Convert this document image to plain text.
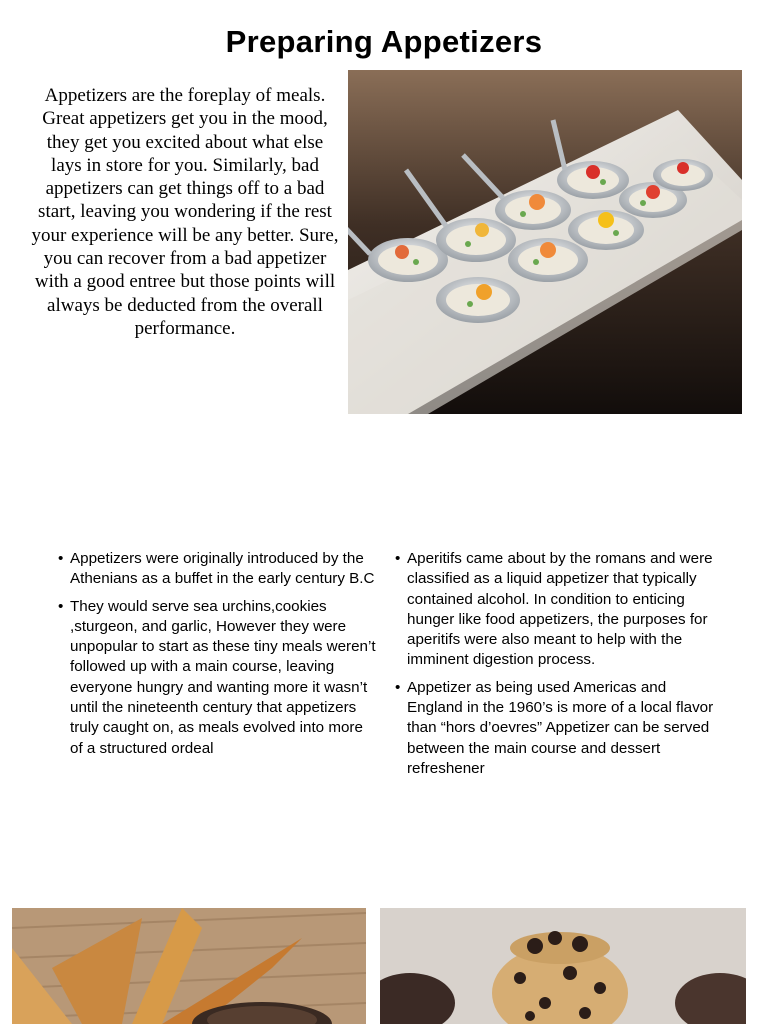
Preparing Appetizers

Appetizers are the foreplay of meals. Great appetizers get you in the mood, they get you excited about what else lays in store for you. Similarly, bad appetizers can get things off to a bad start, leaving you wondering if the rest your experience will be any better. Sure, you can recover from a bad appetizer with a good entree but those points will always be deducted from the overall performance.

• Appetizers were originally introduced by the Athenians as a buffet in the early century B.C
• They would serve sea urchins,cookies ,sturgeon, and garlic, However they were unpopular to start as these tiny meals weren’t followed up with a main course, leaving everyone hungry and wanting more it wasn’t until the nineteenth century that appetizers truly caught on, as meals evolved into more of a structured ordeal
• Aperitifs came about by the romans and were classified as a liquid appetizer that typically contained alcohol. In condition to enticing hunger like food appetizers, the purposes for aperitifs were also meant to help with the imminent digestion process.
• Appetizer as being used Americas and England in the 1960’s is more of a local flavor than “hors d’oevres” Appetizer can be served between the main course and dessert refreshener
